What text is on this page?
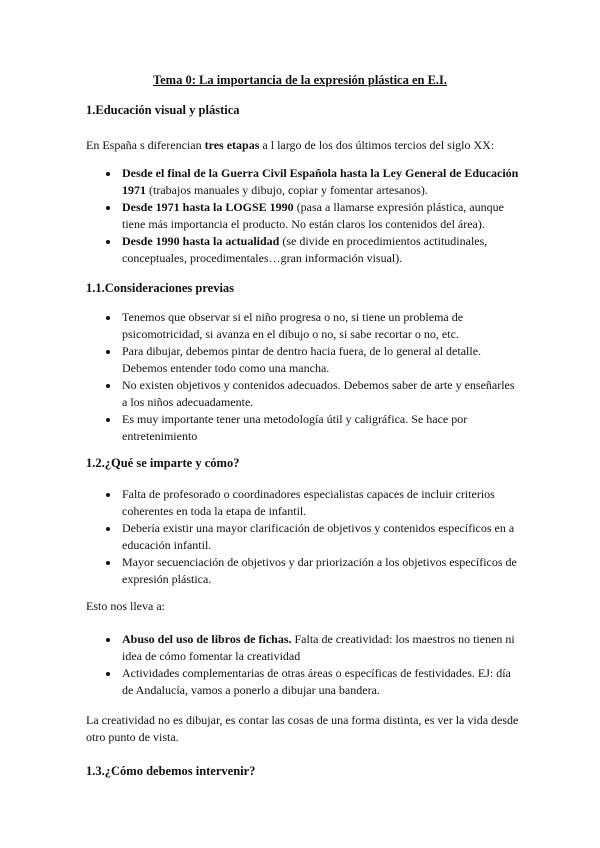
Tema 0: La importancia de la expresión plástica en E.I.
1.Educación visual y plástica
En España s diferencian tres etapas a l largo de los dos últimos tercios del siglo XX:
Desde el final de la Guerra Civil Española hasta la Ley General de Educación 1971 (trabajos manuales y dibujo, copiar y fomentar artesanos).
Desde 1971 hasta la LOGSE 1990 (pasa a llamarse expresión plástica, aunque tiene más importancia el producto. No están claros los contenidos del área).
Desde 1990 hasta la actualidad (se divide en procedimientos actitudinales, conceptuales, procedimentales…gran información visual).
1.1.Consideraciones previas
Tenemos que observar si el niño progresa o no, si tiene un problema de psicomotricidad, si avanza en el dibujo o no, si sabe recortar o no, etc.
Para dibujar, debemos pintar de dentro hacia fuera, de lo general al detalle. Debemos entender todo como una mancha.
No existen objetivos y contenidos adecuados. Debemos saber de arte y enseñarles a los niños adecuadamente.
Es muy importante tener una metodología útil y caligráfica. Se hace por entretenimiento
1.2.¿Qué se imparte y cómo?
Falta de profesorado o coordinadores especialistas capaces de incluir criterios coherentes en toda la etapa de infantil.
Debería existir una mayor clarificación de objetivos y contenidos específicos en a educación infantil.
Mayor secuenciación de objetivos y dar priorización a los objetivos específicos de expresión plástica.
Esto nos lleva a:
Abuso del uso de libros de fichas. Falta de creatividad: los maestros no tienen ni idea de cómo fomentar la creatividad
Actividades complementarias de otras áreas o específicas de festividades. EJ: día de Andalucía, vamos a ponerlo a dibujar una bandera.
La creatividad no es dibujar, es contar las cosas de una forma distinta, es ver la vida desde otro punto de vista.
1.3.¿Cómo debemos intervenir?
